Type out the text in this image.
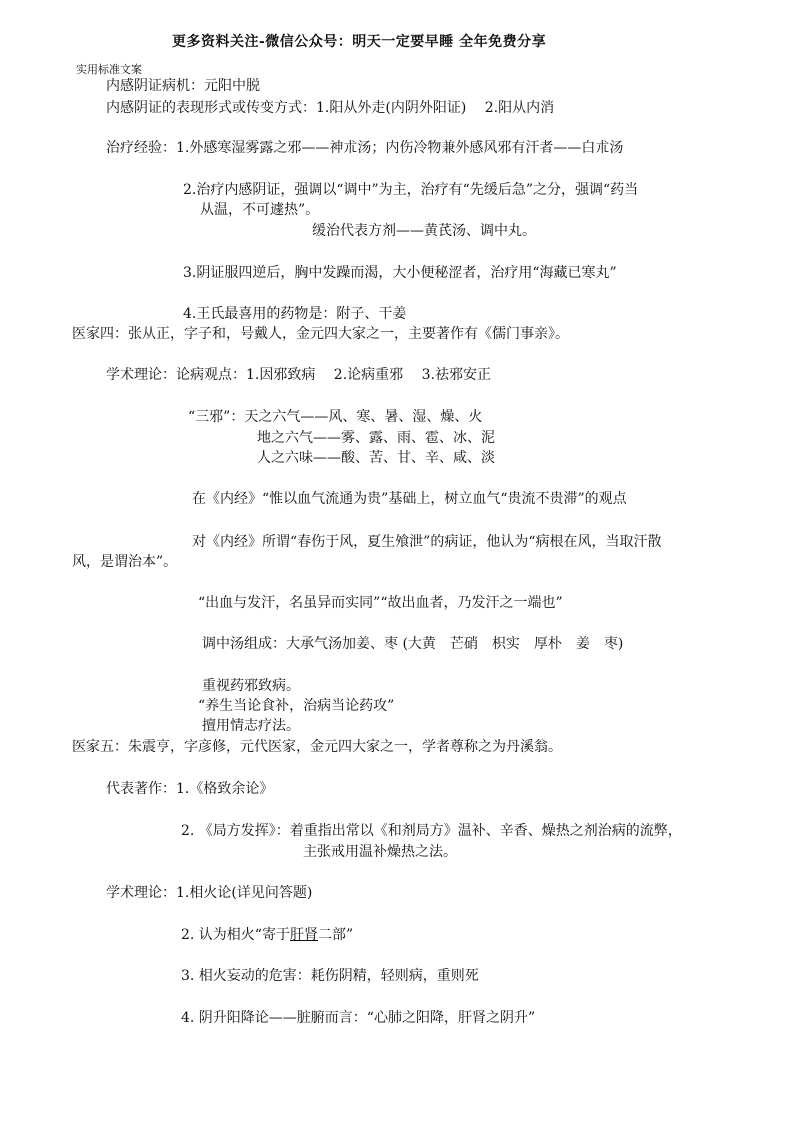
更多资料关注-微信公众号：明天一定要早睡 全年免费分享
实用标准文案
内感阴证病机：元阳中脱
内感阴证的表现形式或传变方式：1.阳从外走(内阴外阳证)　 2.阳从内消
治疗经验：1.外感寒湿雾露之邪——神朮汤；内伤冷物兼外感风邪有汗者——白朮汤
2.治疗内感阴证，强调以“调中”为主，治疗有“先缓后急”之分，强调“药当
从温，不可遽热”。
缓治代表方剂——黄芪汤、调中丸。
3.阴证服四逆后，胸中发躁而渴，大小便秘涩者，治疗用“海藏已寒丸”
4.王氏最喜用的药物是：附子、干姜
医家四：张从正，字子和，号戴人，金元四大家之一，主要著作有《儒门事亲》。
学术理论：论病观点：1.因邪致病　 2.论病重邪　 3.祛邪安正
“三邪”：天之六气——风、寒、暑、湿、燥、火
地之六气——雾、露、雨、雹、冰、泥
人之六味——酸、苦、甘、辛、咸、淡
在《内经》“惟以血气流通为贵”基础上，树立血气“贵流不贵滞”的观点
对《内经》所谓“春伤于风，夏生飧泄”的病证，他认为“病根在风，当取汗散
风，是谓治本”。
“出血与发汗，名虽异而实同”“故出血者，乃发汗之一端也”
调中汤组成：大承气汤加姜、枣 (大黄　芒硝　枳实　厚朴　姜　枣)
重视药邪致病。
“养生当论食补，治病当论药攻”
擅用情志疗法。
医家五：朱震亨，字彦修，元代医家，金元四大家之一，学者尊称之为丹溪翁。
代表著作：1.《格致余论》
2. 《局方发挥》：着重指出常以《和剂局方》温补、辛香、燥热之剂治病的流弊，
主张戒用温补燥热之法。
学术理论：1.相火论(详见问答题)
2. 认为相火“寄于肝肾二部”
3. 相火妄动的危害：耗伤阴精，轻则病，重则死
4. 阴升阳降论——脏腑而言：“心肺之阳降，肝肾之阴升”
